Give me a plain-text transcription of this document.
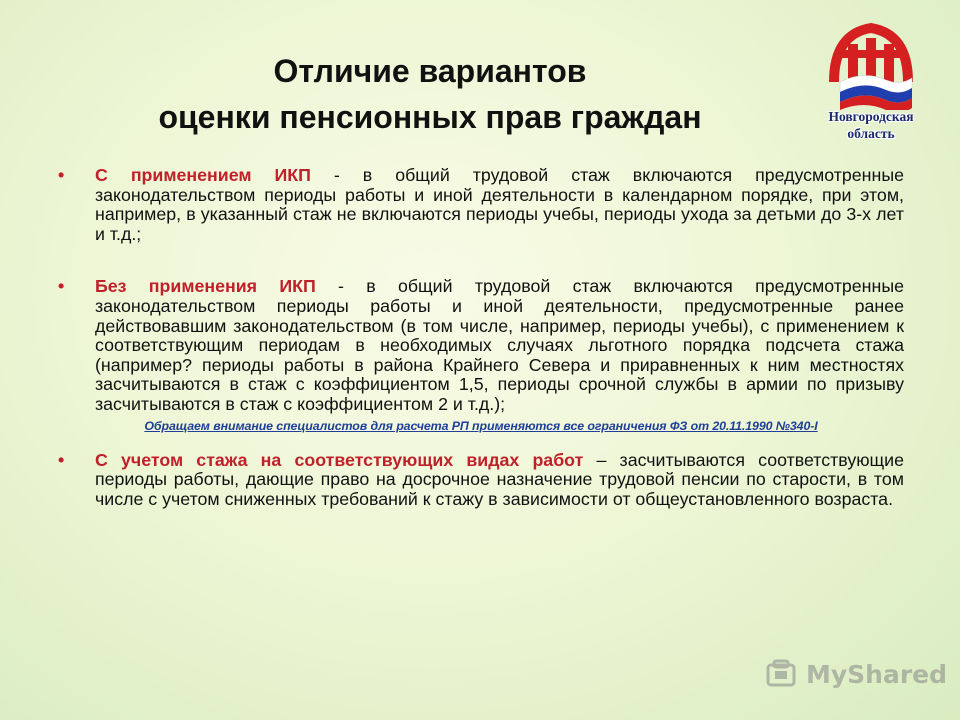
Отличие вариантов
оценки пенсионных прав граждан	Новгородская
область
• С применением ИКП - в общий трудовой стаж включаются предусмотренные законодательством периоды работы и иной деятельности в календарном порядке, при этом, например, в указанный стаж не включаются периоды учебы, периоды ухода за детьми до 3-х лет и т.д.;
• Без применения ИКП - в общий трудовой стаж включаются предусмотренные законодательством периоды работы и иной деятельности, предусмотренные ранее действовавшим законодательством (в том числе, например, периоды учебы), с применением к соответствующим периодам в необходимых случаях льготного порядка подсчета стажа (например? периоды работы в района Крайнего Севера и приравненных к ним местностях засчитываются в стаж с коэффициентом 1,5, периоды срочной службы в армии по призыву засчитываются в стаж с коэффициентом 2 и т.д.);
Обращаем внимание специалистов для расчета РП применяются все ограничения ФЗ от 20.11.1990 №340-I
• С учетом стажа на соответствующих видах работ – засчитываются соответствующие периоды работы, дающие право на досрочное назначение трудовой пенсии по старости, в том числе с учетом сниженных требований к стажу в зависимости от общеустановленного возраста.
MyShared
